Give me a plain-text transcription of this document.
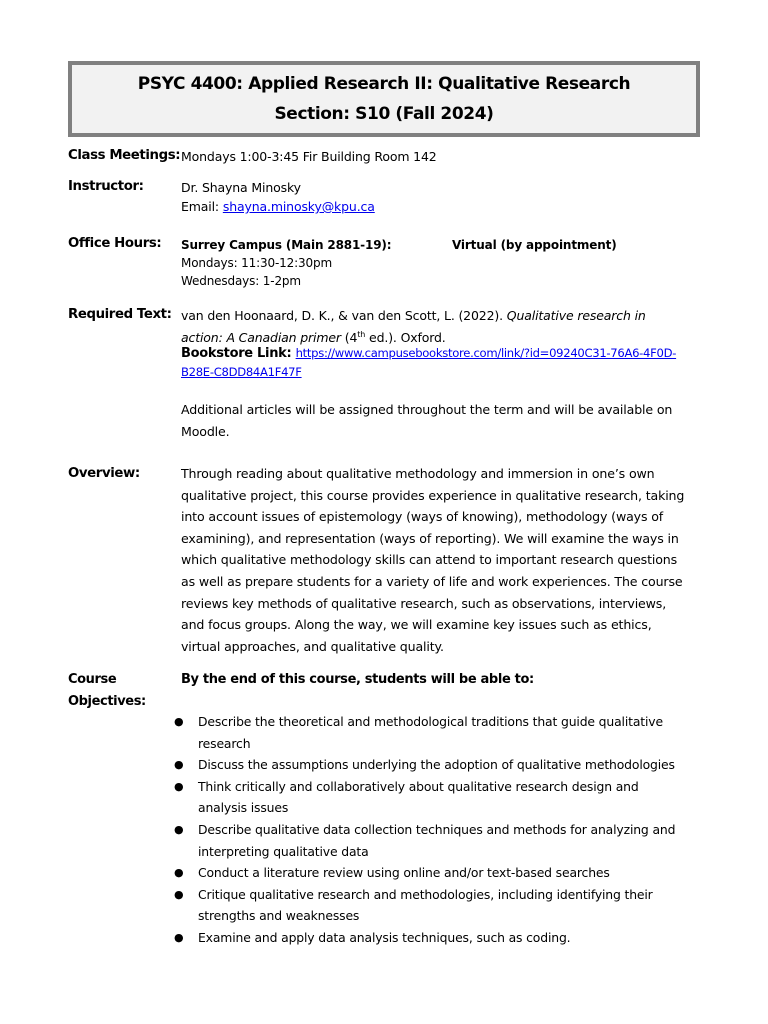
PSYC 4400: Applied Research II: Qualitative Research
Section: S10 (Fall 2024)
Class Meetings: Mondays 1:00-3:45 Fir Building Room 142
Instructor:	Dr. Shayna Minosky
Email: shayna.minosky@kpu.ca
Office Hours: Surrey Campus (Main 2881-19):	Virtual (by appointment)
Mondays: 11:30-12:30pm
Wednesdays: 1-2pm
Required Text: van den Hoonaard, D. K., & van den Scott, L. (2022). Qualitative research in
action: A Canadian primer (4th ed.). Oxford.
Bookstore Link: https://www.campusebookstore.com/link/?id=09240C31-76A6-4F0D-
B28E-C8DD84A1F47F
Additional articles will be assigned throughout the term and will be available on
Moodle.
Overview:	Through reading about qualitative methodology and immersion in one’s own
qualitative project, this course provides experience in qualitative research, taking
into account issues of epistemology (ways of knowing), methodology (ways of
examining), and representation (ways of reporting). We will examine the ways in
which qualitative methodology skills can attend to important research questions
as well as prepare students for a variety of life and work experiences. The course
reviews key methods of qualitative research, such as observations, interviews,
and focus groups. Along the way, we will examine key issues such as ethics,
virtual approaches, and qualitative quality.
Course
Objectives:
By the end of this course, students will be able to:
● Describe the theoretical and methodological traditions that guide qualitative
research
● Discuss the assumptions underlying the adoption of qualitative methodologies
● Think critically and collaboratively about qualitative research design and
analysis issues
● Describe qualitative data collection techniques and methods for analyzing and
interpreting qualitative data
● Conduct a literature review using online and/or text-based searches
● Critique qualitative research and methodologies, including identifying their
strengths and weaknesses
● Examine and apply data analysis techniques, such as coding.
